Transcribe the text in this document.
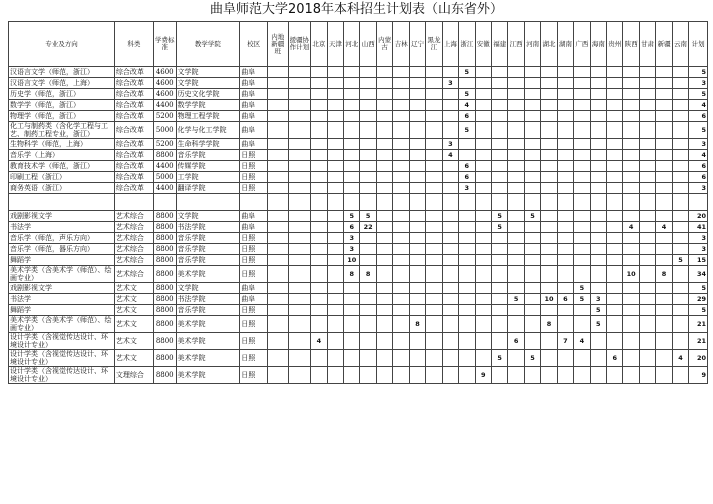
曲阜师范大学2018年本科招生计划表（山东省外）
专业及方向	科类	学费标准	教学学院	校区	内地新疆班	援疆协作计划	北京	天津	河北	山西	内蒙古	吉林	辽宁	黑龙江	上海	浙江	安徽	福建	江西	河南	湖北	湖南	广西	海南	贵州	陕西	甘肃	新疆	云南	计划
汉语言文学（师范，浙江）	综合改革	4600	文学院	曲阜												5														5
汉语言文学（师范，上海）	综合改革	4600	文学院	曲阜											3															3
历史学（师范，浙江）	综合改革	4600	历史文化学院	曲阜												5														5
数学学（师范，浙江）	综合改革	4400	数学学院	曲阜												4														4
物理学（师范，浙江）	综合改革	5200	物理工程学院	曲阜												6														6
化工与制药类（含化学工程与工艺、制药工程专业，浙江）	综合改革	5000	化学与化工学院	曲阜												5														5
生物科学（师范，上海）	综合改革	5200	生命科学学院	曲阜											3															3
音乐学（上海）	综合改革	8800	音乐学院	日照											4															4
教育技术学（师范，浙江）	综合改革	4400	传媒学院	日照												6														6
印刷工程（浙江）	综合改革	5000	工学院	日照												6														6
商务英语（浙江）	综合改革	4400	翻译学院	日照												3														3

戏剧影视文学	艺术综合	8800	文学院	曲阜					5	5								5		5										20
书法学	艺术综合	8800	书法学院	曲阜					6	22								5								4		4		41
音乐学（师范，声乐方向）	艺术综合	8800	音乐学院	日照					3																					3
音乐学（师范，器乐方向）	艺术综合	8800	音乐学院	日照					3																					3
舞蹈学	艺术综合	8800	音乐学院	日照					10																				5	15
美术学类（含美术学（师范）、绘画专业）	艺术综合	8800	美术学院	日照					8	8																10		8		34
戏剧影视文学	艺术文	8800	文学院	曲阜																			5							5
书法学	艺术文	8800	书法学院	曲阜															5		10	6	5	3						29
舞蹈学	艺术文	8800	音乐学院	日照																				5						5
美术学类（含美术学（师范）、绘画专业）	艺术文	8800	美术学院	日照									8								8			5						21
设计学类（含视觉传达设计、环境设计专业）	艺术文	8800	美术学院	日照			4												6			7	4							21
设计学类（含视觉传达设计、环境设计专业）	艺术文	8800	美术学院	日照														5		5					6				4	20
设计学类（含视觉传达设计、环境设计专业）	文理综合	8800	美术学院	日照													9													9
